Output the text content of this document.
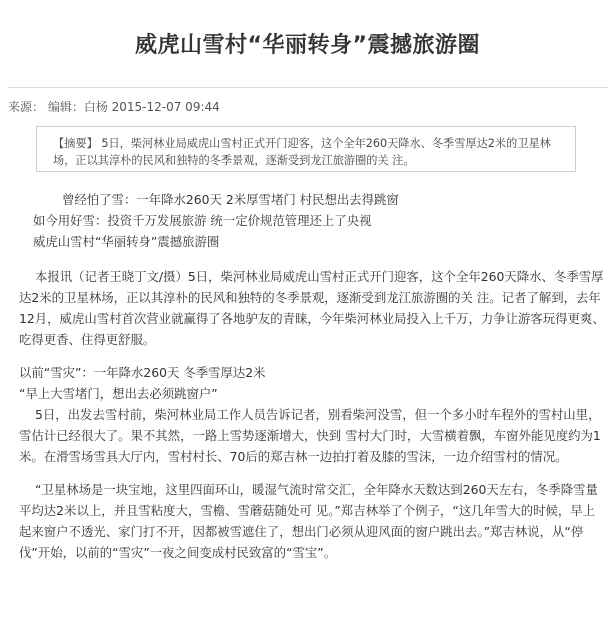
威虎山雪村“华丽转身”震撼旅游圈
来源： 编辑：白杨 2015-12-07 09:44
【摘要】 5日，柴河林业局威虎山雪村正式开门迎客，这个全年260天降水、冬季雪厚达2米的卫星林场，正以其淳朴的民风和独特的冬季景观，逐渐受到龙江旅游圈的关 注。

曾经怕了雪：一年降水260天 2米厚雪堵门 村民想出去得跳窗

如今用好雪：投资千万发展旅游 统一定价规范管理还上了央视

威虎山雪村“华丽转身”震撼旅游圈

本报讯（记者王晓丁文/摄）5日，柴河林业局威虎山雪村正式开门迎客，这个全年260天降水、冬季雪厚达2米的卫星林场，正以其淳朴的民风和独特的冬季景观，逐渐受到龙江旅游圈的关 注。记者了解到，去年12月，威虎山雪村首次营业就赢得了各地驴友的青睐，今年柴河林业局投入上千万，力争让游客玩得更爽、吃得更香、住得更舒服。

以前“雪灾”：一年降水260天 冬季雪厚达2米

“早上大雪堵门，想出去必须跳窗户”

5日，出发去雪村前，柴河林业局工作人员告诉记者，别看柴河没雪，但一个多小时车程外的雪村山里，雪估计已经很大了。果不其然，一路上雪势逐渐增大，快到 雪村大门时，大雪横着飘，车窗外能见度约为1米。在滑雪场雪具大厅内，雪村村长、70后的郑吉林一边拍打着及膝的雪沫，一边介绍雪村的情况。

“卫星林场是一块宝地，这里四面环山，暖湿气流时常交汇，全年降水天数达到260天左右，冬季降雪量平均达2米以上，并且雪粘度大，雪檐、雪蘑菇随处可 见。”郑吉林举了个例子，“这几年雪大的时候，早上起来窗户不透光、家门打不开，因都被雪遮住了，想出门必须从迎风面的窗户跳出去。”郑吉林说，从“停 伐”开始，以前的“雪灾”一夜之间变成村民致富的“雪宝”。
